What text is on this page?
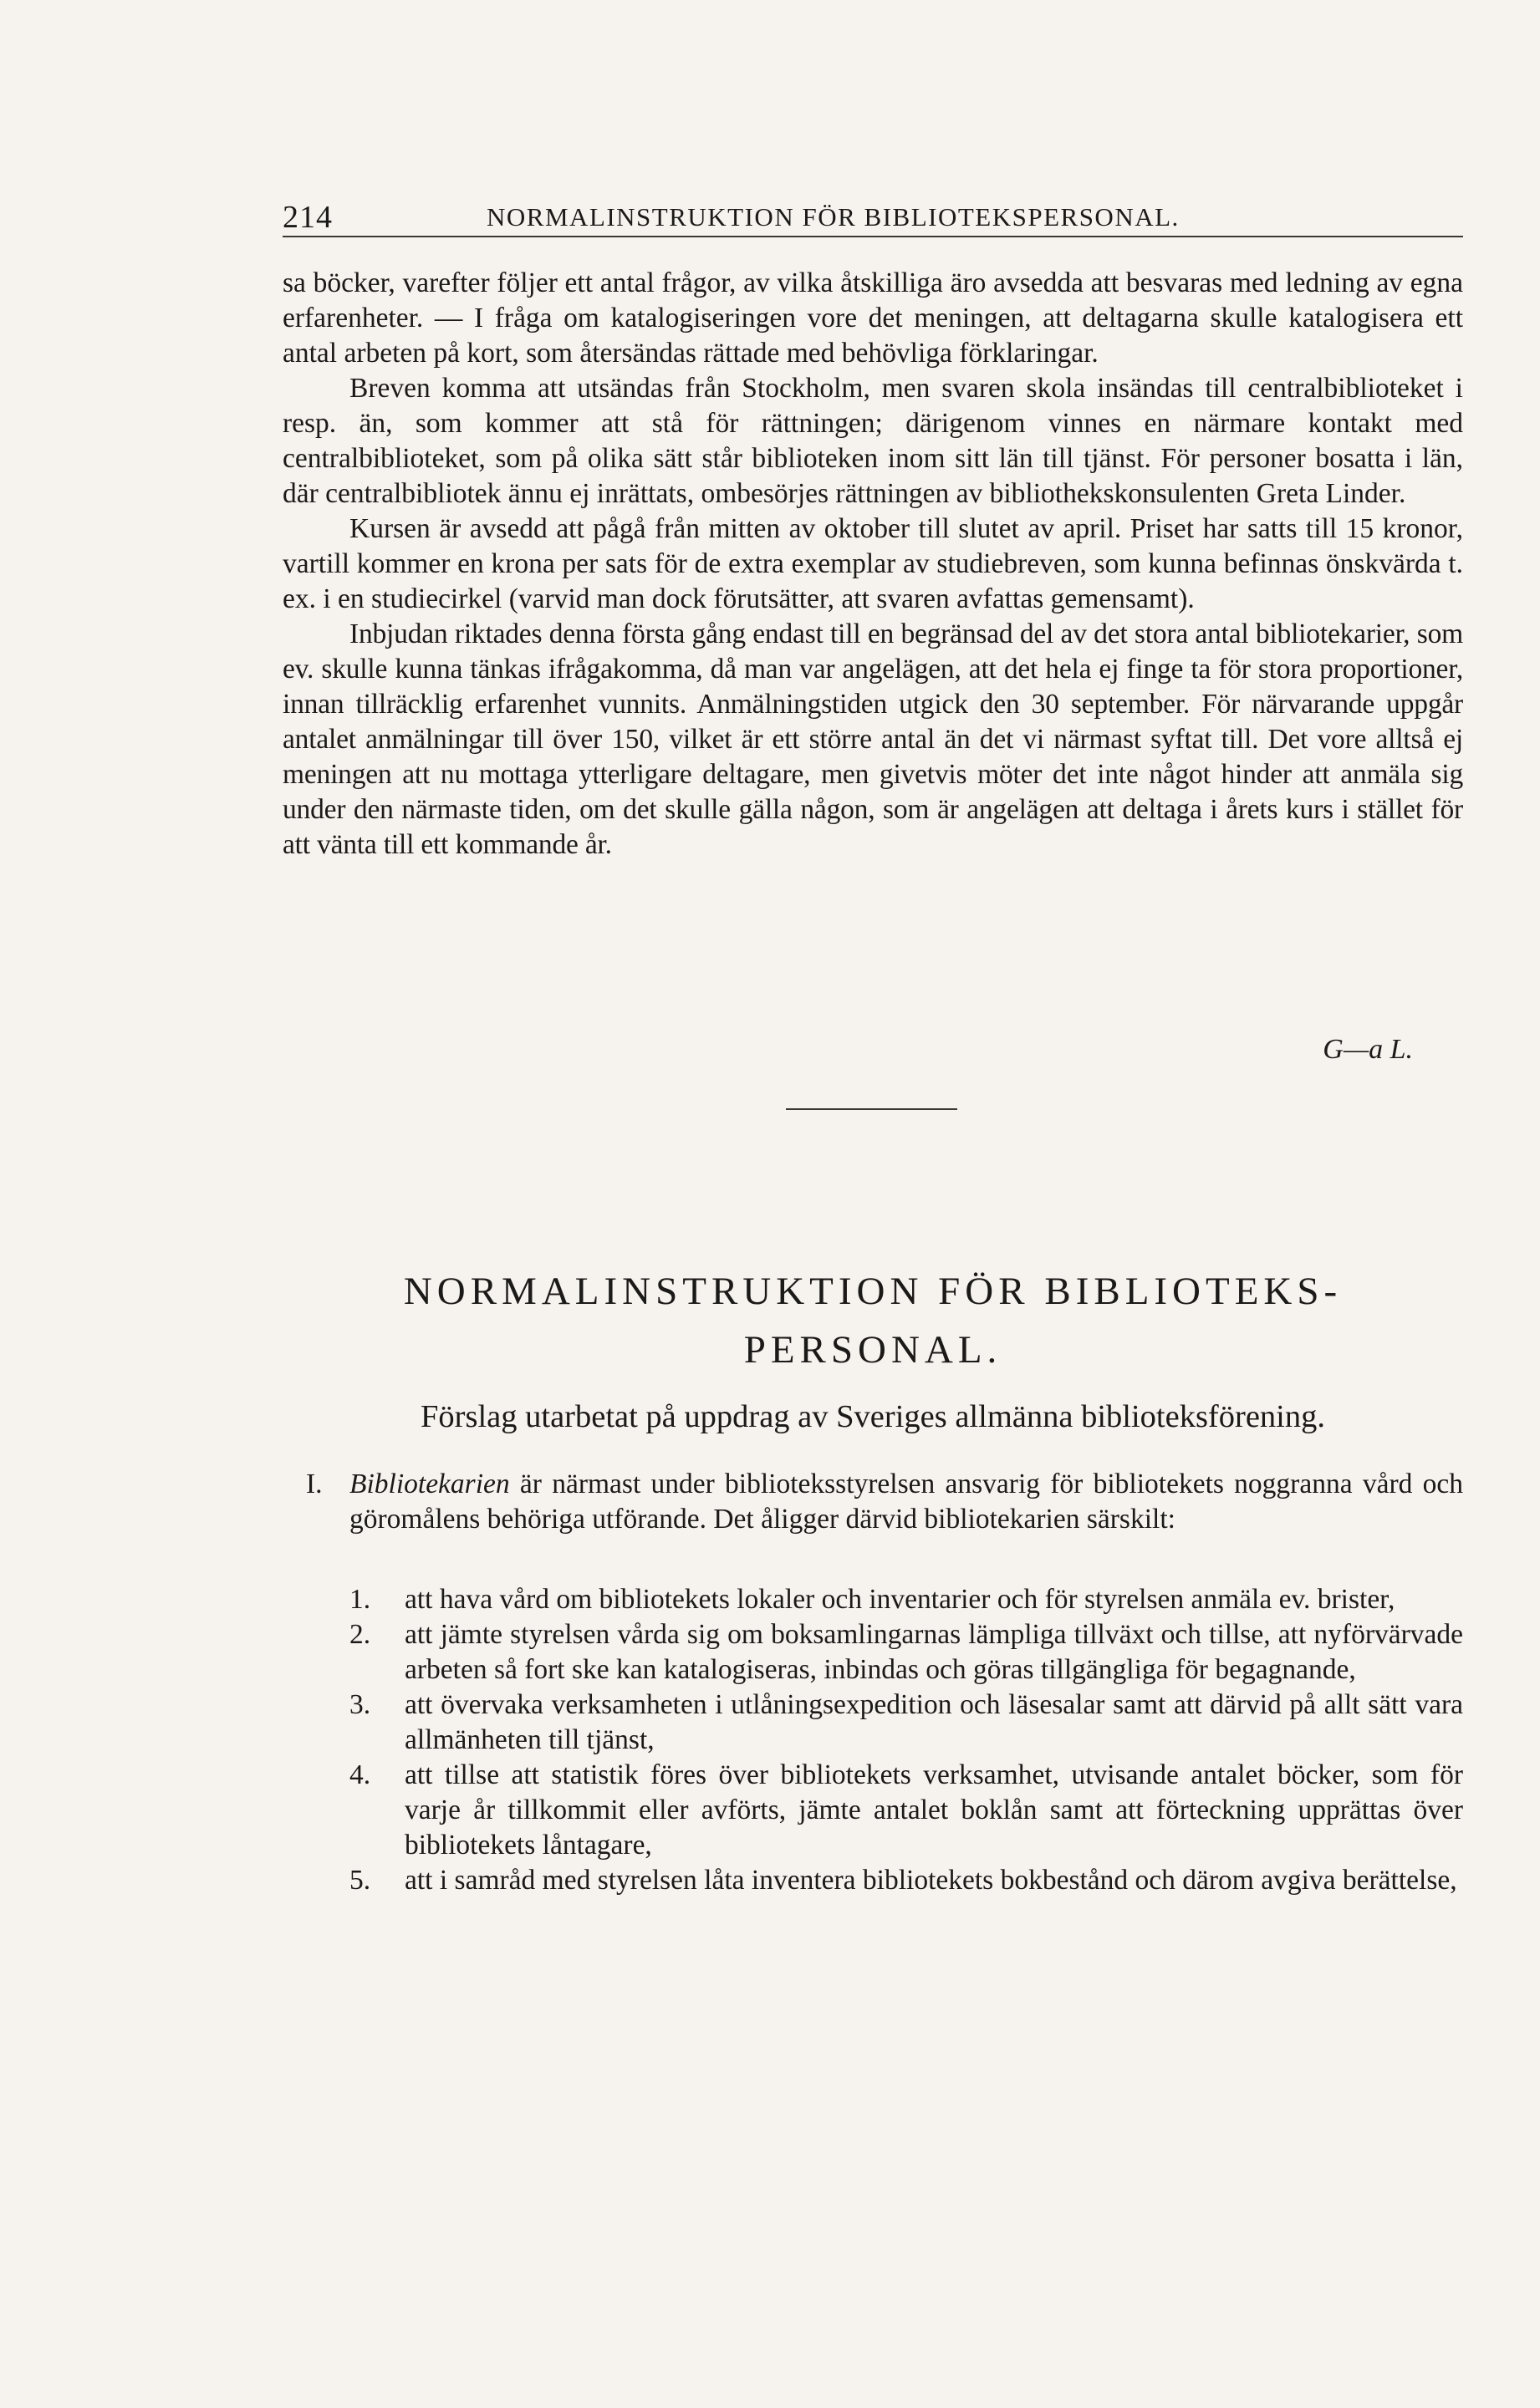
214	NORMALINSTRUKTION FÖR BIBLIOTEKSPERSONAL.

sa böcker, varefter följer ett antal frågor, av vilka åtskilliga äro avsedda att besvaras med ledning av egna erfarenheter. — I fråga om katalogiseringen vore det meningen, att deltagarna skulle katalogisera ett antal arbeten på kort, som återsändas rättade med behövliga förklaringar.

Breven komma att utsändas från Stockholm, men svaren skola insändas till centralbiblioteket i resp. än, som kommer att stå för rättningen; därigenom vinnes en närmare kontakt med centralbiblioteket, som på olika sätt står biblioteken inom sitt län till tjänst. För personer bosatta i län, där centralbibliotek ännu ej inrättats, ombesörjes rättningen av bibliothekskonsulenten Greta Linder.

Kursen är avsedd att pågå från mitten av oktober till slutet av april. Priset har satts till 15 kronor, vartill kommer en krona per sats för de extra exemplar av studiebreven, som kunna befinnas önskvärda t. ex. i en studiecirkel (varvid man dock förutsätter, att svaren avfattas gemensamt).

Inbjudan riktades denna första gång endast till en begränsad del av det stora antal bibliotekarier, som ev. skulle kunna tänkas ifrågakomma, då man var angelägen, att det hela ej finge ta för stora proportioner, innan tillräcklig erfarenhet vunnits. Anmälningstiden utgick den 30 september. För närvarande uppgår antalet anmälningar till över 150, vilket är ett större antal än det vi närmast syftat till. Det vore alltså ej meningen att nu mottaga ytterligare deltagare, men givetvis möter det inte något hinder att anmäla sig under den närmaste tiden, om det skulle gälla någon, som är angelägen att deltaga i årets kurs i stället för att vänta till ett kommande år.

G—a L.
NORMALINSTRUKTION FÖR BIBLIOTEKS-
PERSONAL.

Förslag utarbetat på uppdrag av Sveriges allmänna biblioteksförening.

I. Bibliotekarien är närmast under biblioteksstyrelsen ansvarig för bibliotekets noggranna vård och göromålens behöriga utförande. Det åligger därvid bibliotekarien särskilt:

1. att hava vård om bibliotekets lokaler och inventarier och för styrelsen anmäla ev. brister,
2. att jämte styrelsen vårda sig om boksamlingarnas lämpliga tillväxt och tillse, att nyförvärvade arbeten så fort ske kan katalogiseras, inbindas och göras tillgängliga för begagnande,
3. att övervaka verksamheten i utlåningsexpedition och läsesalar samt att därvid på allt sätt vara allmänheten till tjänst,
4. att tillse att statistik föres över bibliotekets verksamhet, utvisande antalet böcker, som för varje år tillkommit eller avförts, jämte antalet boklån samt att förteckning upprättas över bibliotekets låntagare,
5. att i samråd med styrelsen låta inventera bibliotekets bokbestånd och därom avgiva berättelse,
